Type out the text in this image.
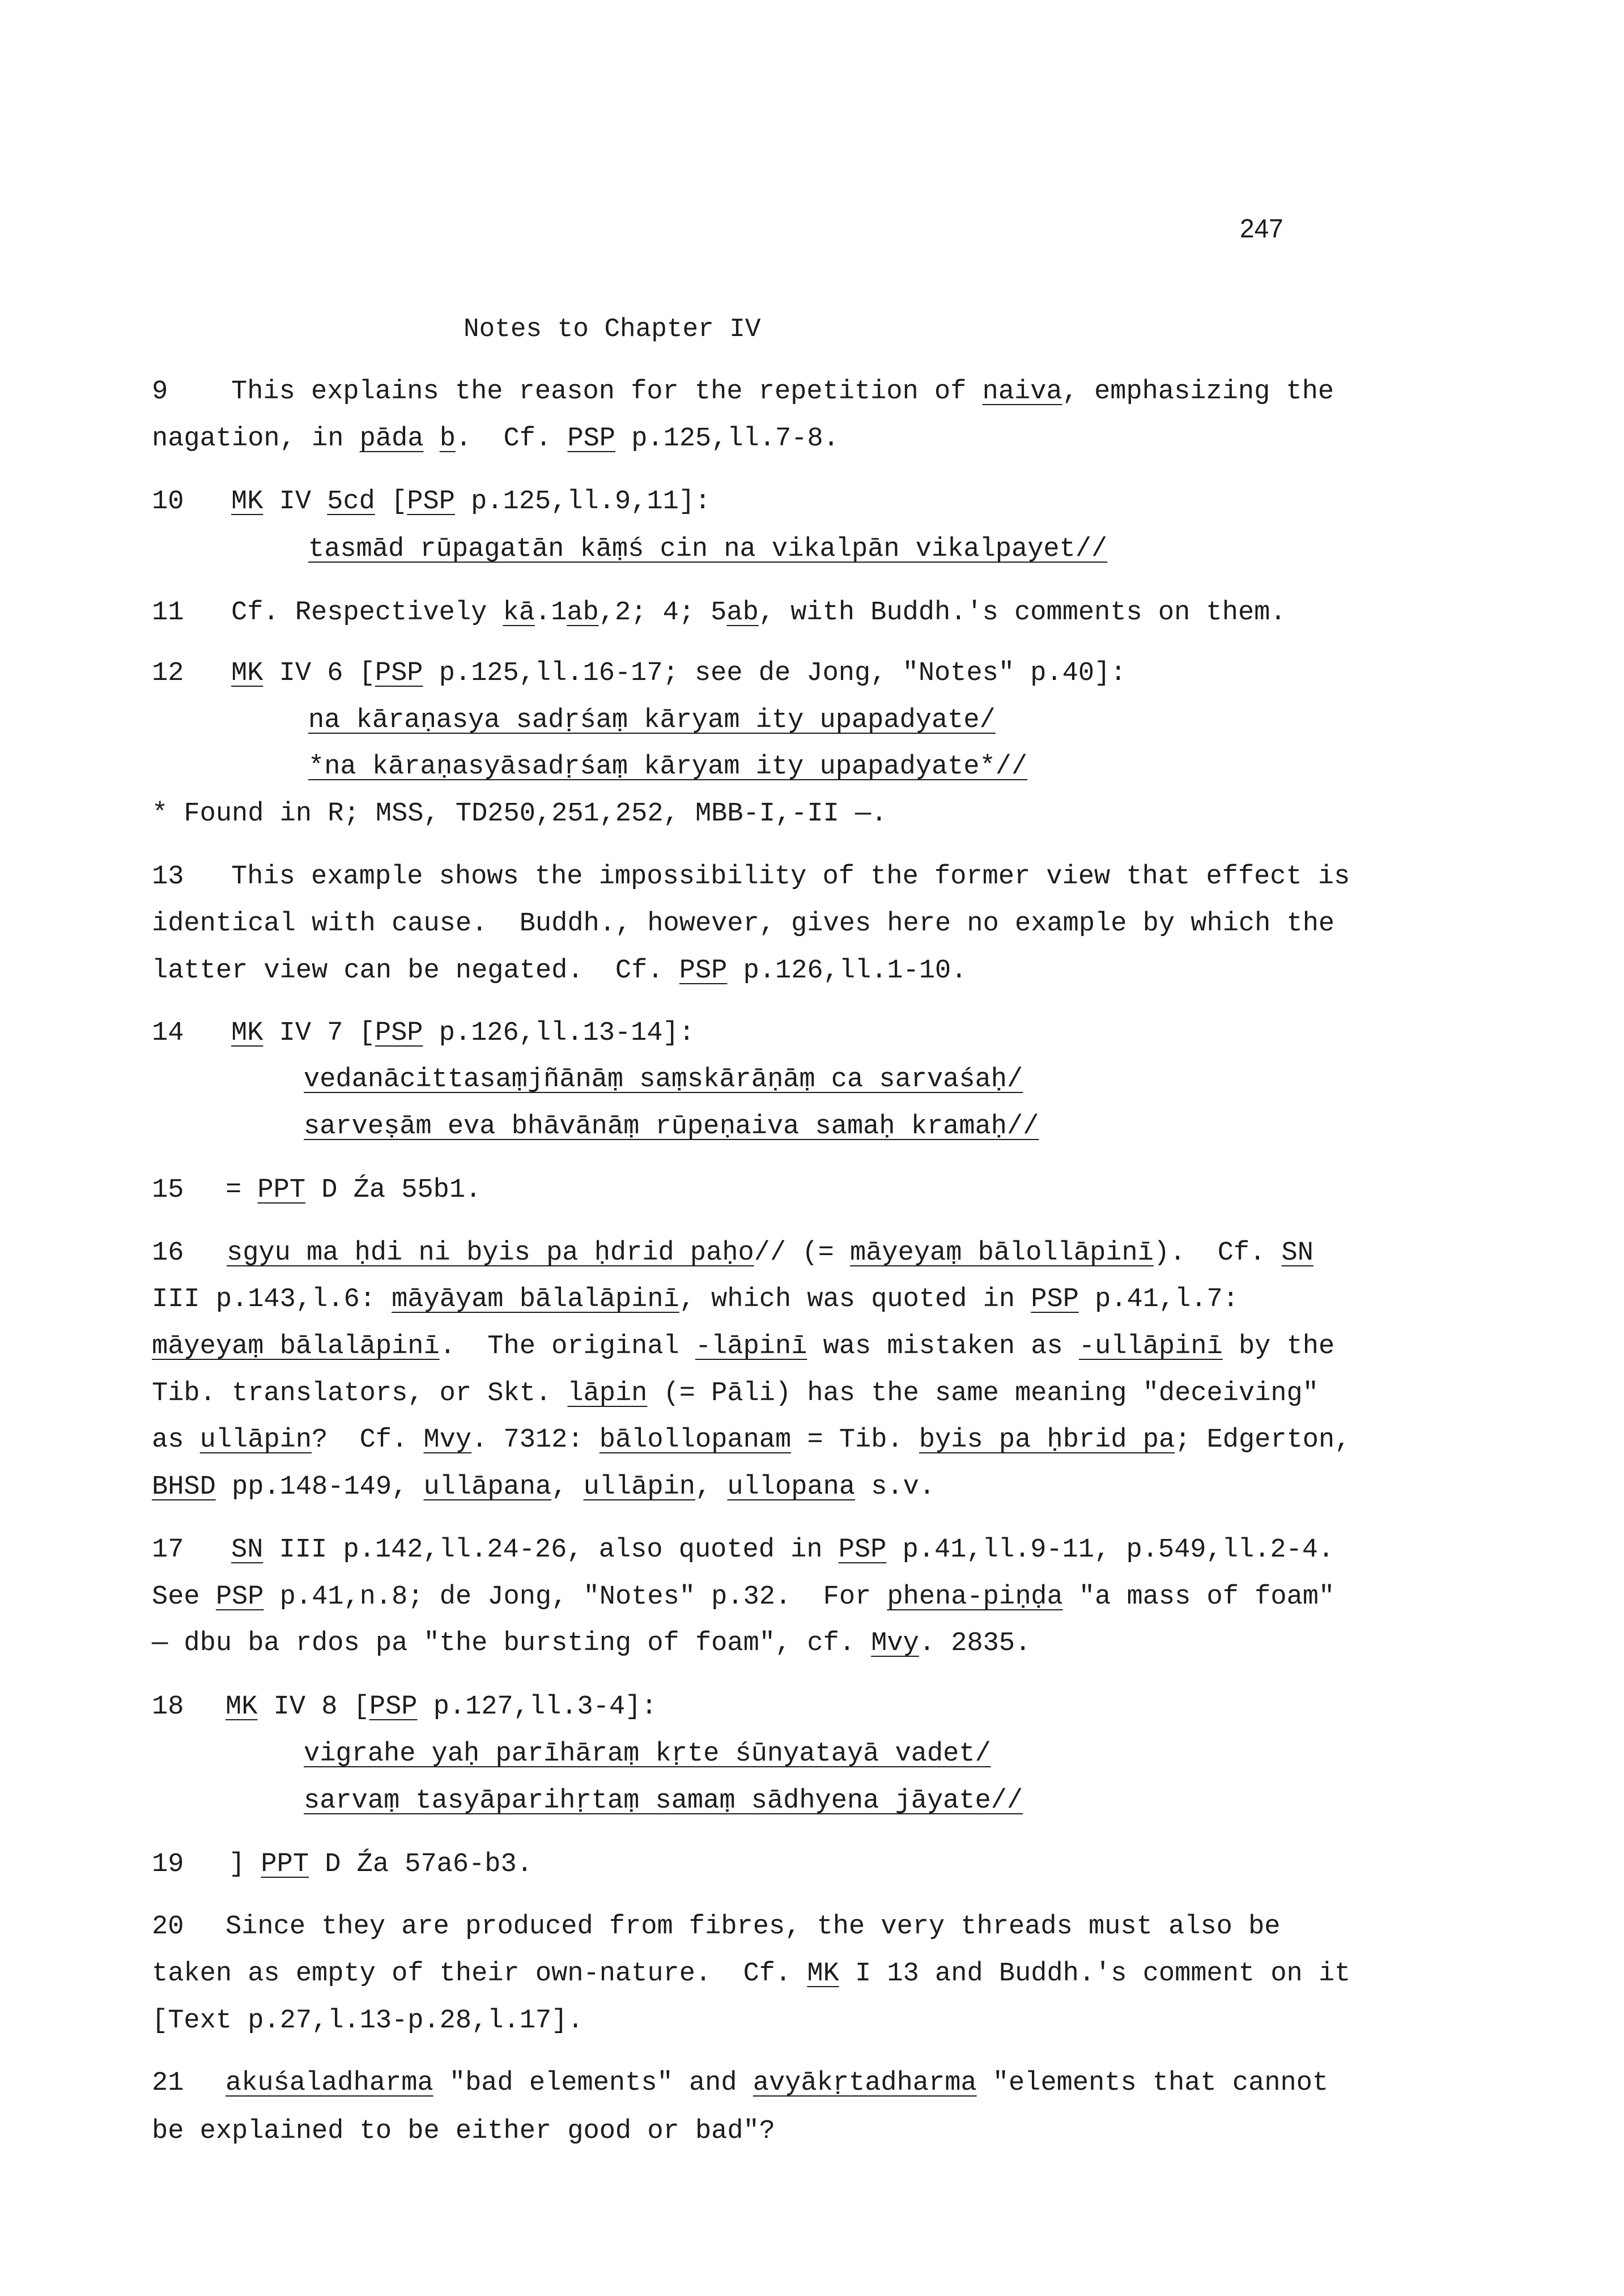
247
Notes to Chapter IV
9 This explains the reason for the repetition of naiva, emphasizing the
nagation, in pāda b.  Cf. PSP p.125,ll.7-8.
10 MK IV 5cd [PSP p.125,ll.9,11]:
tasmād rūpagatān kāṃś cin na vikalpān vikalpayet//
11 Cf. Respectively kā.1ab,2; 4; 5ab, with Buddh.'s comments on them.
12 MK IV 6 [PSP p.125,ll.16-17; see de Jong, "Notes" p.40]:
na kāraṇasya sadṛśaṃ kāryam ity upapadyate/
*na kāraṇasyāsadṛśaṃ kāryam ity upapadyate*//
* Found in R; MSS, TD250,251,252, MBB-I,-II —.
13 This example shows the impossibility of the former view that effect is
identical with cause.  Buddh., however, gives here no example by which the
latter view can be negated.  Cf. PSP p.126,ll.1-10.
14 MK IV 7 [PSP p.126,ll.13-14]:
vedanācittasaṃjñānāṃ saṃskārāṇāṃ ca sarvaśaḥ/
sarveṣām eva bhāvānāṃ rūpeṇaiva samaḥ kramaḥ//
15 = PPT D Źa 55b1.
16 sgyu ma ḥdi ni byis pa ḥdrid paḥo// (= māyeyaṃ bālollāpinī).  Cf. SN
III p.143,l.6: māyāyam bālalāpinī, which was quoted in PSP p.41,l.7:
māyeyaṃ bālalāpinī.  The original -lāpinī was mistaken as -ullāpinī by the
Tib. translators, or Skt. lāpin (= Pāli) has the same meaning "deceiving"
as ullāpin?  Cf. Mvy. 7312: bālollopanam = Tib. byis pa ḥbrid pa; Edgerton,
BHSD pp.148-149, ullāpana, ullāpin, ullopana s.v.
17 SN III p.142,ll.24-26, also quoted in PSP p.41,ll.9-11, p.549,ll.2-4.
See PSP p.41,n.8; de Jong, "Notes" p.32.  For phena-piṇḍa "a mass of foam"
— dbu ba rdos pa "the bursting of foam", cf. Mvy. 2835.
18 MK IV 8 [PSP p.127,ll.3-4]:
vigrahe yaḥ parīhāraṃ kṛte śūnyatayā vadet/
sarvaṃ tasyāparihṛtaṃ samaṃ sādhyena jāyate//
19 ] PPT D Źa 57a6-b3.
20 Since they are produced from fibres, the very threads must also be
taken as empty of their own-nature.  Cf. MK I 13 and Buddh.'s comment on it
[Text p.27,l.13-p.28,l.17].
21 akuśaladharma "bad elements" and avyākṛtadharma "elements that cannot
be explained to be either good or bad"?
